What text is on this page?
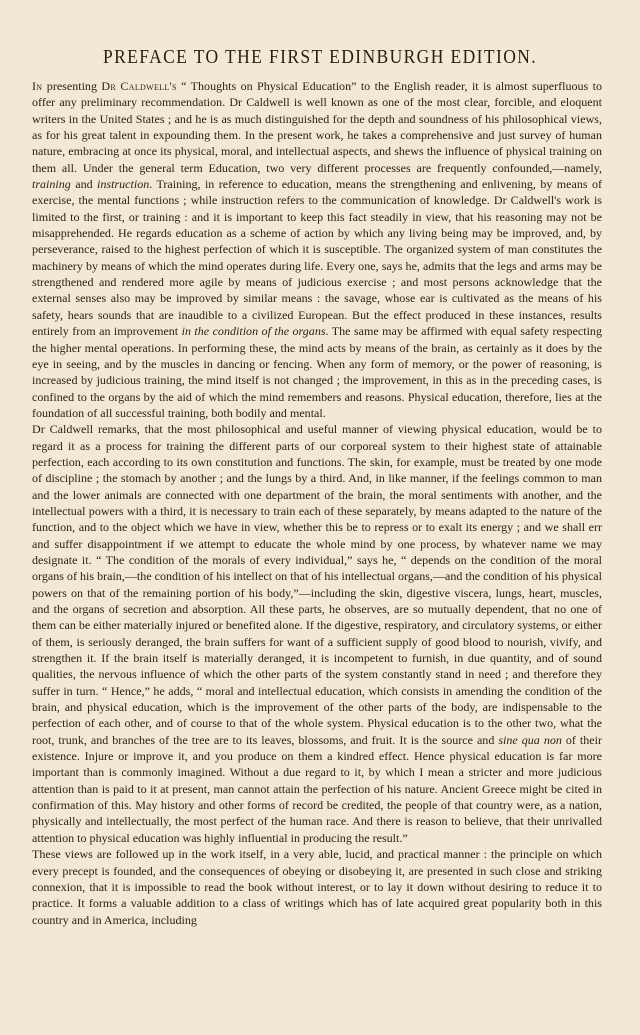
PREFACE TO THE FIRST EDINBURGH EDITION.

In presenting Dr Caldwell's “ Thoughts on Physical Education” to the English reader, it is almost superfluous to offer any preliminary recommendation. Dr Caldwell is well known as one of the most clear, forcible, and eloquent writers in the United States ; and he is as much distinguished for the depth and soundness of his philosophical views, as for his great talent in expounding them. In the present work, he takes a comprehensive and just survey of human nature, embracing at once its physical, moral, and intellectual aspects, and shews the influence of physical training on them all. Under the general term Education, two very different processes are frequently confounded,—namely, training and instruction. Training, in reference to education, means the strengthening and enlivening, by means of exercise, the mental functions ; while instruction refers to the communication of knowledge. Dr Caldwell's work is limited to the first, or training : and it is important to keep this fact steadily in view, that his reasoning may not be misapprehended. He regards education as a scheme of action by which any living being may be improved, and, by perseverance, raised to the highest perfection of which it is susceptible. The organized system of man constitutes the machinery by means of which the mind operates during life. Every one, says he, admits that the legs and arms may be strengthened and rendered more agile by means of judicious exercise ; and most persons acknowledge that the external senses also may be improved by similar means : the savage, whose ear is cultivated as the means of his safety, hears sounds that are inaudible to a civilized European. But the effect produced in these instances, results entirely from an improvement in the condition of the organs. The same may be affirmed with equal safety respecting the higher mental operations. In performing these, the mind acts by means of the brain, as certainly as it does by the eye in seeing, and by the muscles in dancing or fencing. When any form of memory, or the power of reasoning, is increased by judicious training, the mind itself is not changed ; the improvement, in this as in the preceding cases, is confined to the organs by the aid of which the mind remembers and reasons. Physical education, therefore, lies at the foundation of all successful training, both bodily and mental.

Dr Caldwell remarks, that the most philosophical and useful manner of viewing physical education, would be to regard it as a process for training the different parts of our corporeal system to their highest state of attainable perfection, each according to its own constitution and functions. The skin, for example, must be treated by one mode of discipline ; the stomach by another ; and the lungs by a third. And, in like manner, if the feelings common to man and the lower animals are connected with one department of the brain, the moral sentiments with another, and the intellectual powers with a third, it is necessary to train each of these separately, by means adapted to the nature of the function, and to the object which we have in view, whether this be to repress or to exalt its energy ; and we shall err and suffer disappointment if we attempt to educate the whole mind by one process, by whatever name we may designate it. “ The condition of the morals of every individual,” says he, “ depends on the condition of the moral organs of his brain,—the condition of his intellect on that of his intellectual organs,—and the condition of his physical powers on that of the remaining portion of his body,”—including the skin, digestive viscera, lungs, heart, muscles, and the organs of secretion and absorption. All these parts, he observes, are so mutually dependent, that no one of them can be either materially injured or benefited alone. If the digestive, respiratory, and circulatory systems, or either of them, is seriously deranged, the brain suffers for want of a sufficient supply of good blood to nourish, vivify, and strengthen it. If the brain itself is materially deranged, it is incompetent to furnish, in due quantity, and of sound qualities, the nervous influence of which the other parts of the system constantly stand in need ; and therefore they suffer in turn. “ Hence,” he adds, “ moral and intellectual education, which consists in amending the condition of the brain, and physical education, which is the improvement of the other parts of the body, are indispensable to the perfection of each other, and of course to that of the whole system. Physical education is to the other two, what the root, trunk, and branches of the tree are to its leaves, blossoms, and fruit. It is the source and sine qua non of their existence. Injure or improve it, and you produce on them a kindred effect. Hence physical education is far more important than is commonly imagined. Without a due regard to it, by which I mean a stricter and more judicious attention than is paid to it at present, man cannot attain the perfection of his nature. Ancient Greece might be cited in confirmation of this. May history and other forms of record be credited, the people of that country were, as a nation, physically and intellectually, the most perfect of the human race. And there is reason to believe, that their unrivalled attention to physical education was highly influential in producing the result.”

These views are followed up in the work itself, in a very able, lucid, and practical manner : the principle on which every precept is founded, and the consequences of obeying or disobeying it, are presented in such close and striking connexion, that it is impossible to read the book without interest, or to lay it down without desiring to reduce it to practice. It forms a valuable addition to a class of writings which has of late acquired great popularity both in this country and in America, including
